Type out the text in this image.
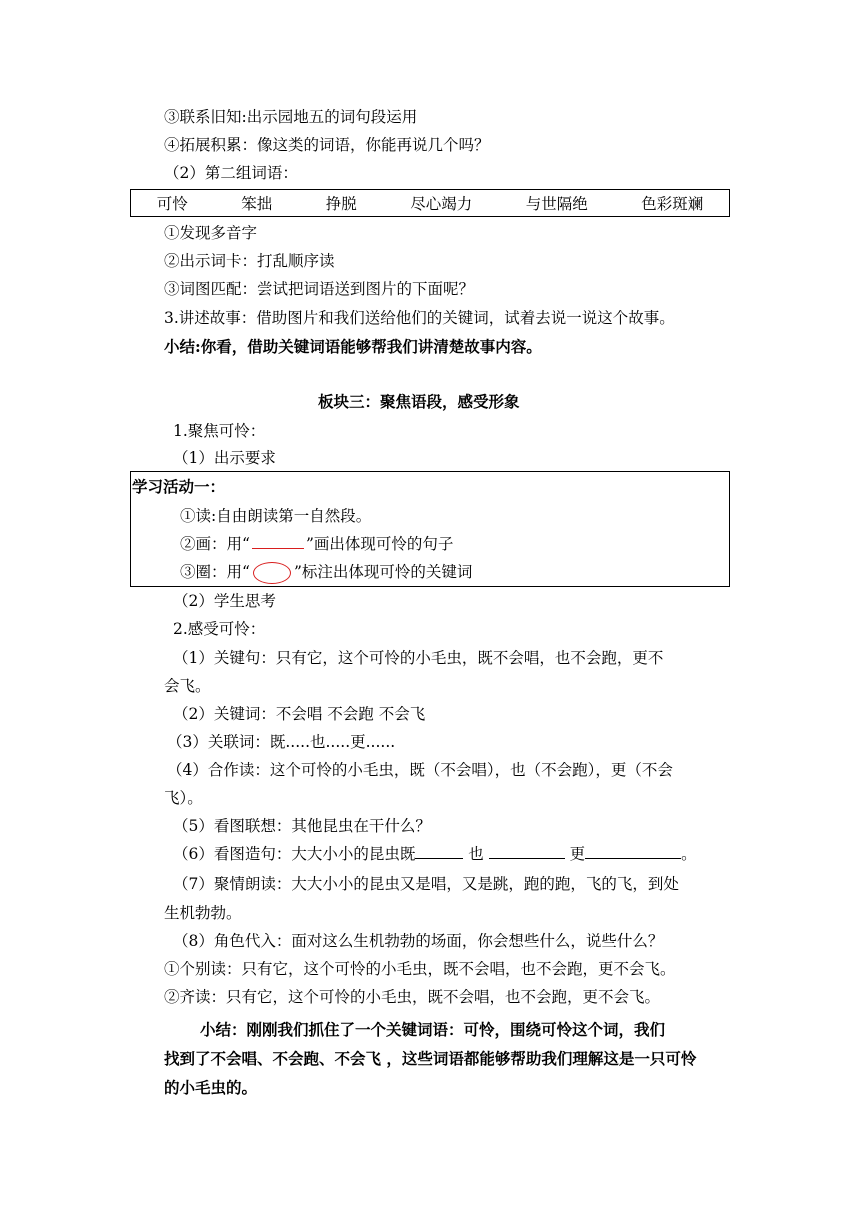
③联系旧知:出示园地五的词句段运用
④拓展积累：像这类的词语，你能再说几个吗？
（2）第二组词语：
可怜	笨拙	挣脱	尽心竭力	与世隔绝	色彩斑斓
①发现多音字
②出示词卡：打乱顺序读
③词图匹配：尝试把词语送到图片的下面呢？
3.讲述故事：借助图片和我们送给他们的关键词，试着去说一说这个故事。
小结:你看，借助关键词语能够帮我们讲清楚故事内容。
板块三：聚焦语段，感受形象
1.聚焦可怜：
（1）出示要求
学习活动一：
①读:自由朗读第一自然段。
②画：用“	”画出体现可怜的句子
③圈：用“	”标注出体现可怜的关键词
（2）学生思考
2.感受可怜：
（1）关键句：只有它，这个可怜的小毛虫，既不会唱，也不会跑，更不
会飞。
（2）关键词：不会唱 不会跑 不会飞
（3）关联词：既.....也.....更......
（4）合作读：这个可怜的小毛虫，既（不会唱），也（不会跑），更（不会
飞）。
（5）看图联想：其他昆虫在干什么？
（6）看图造句：大大小小的昆虫既	也	更	。
（7）聚情朗读：大大小小的昆虫又是唱，又是跳，跑的跑，飞的飞，到处
生机勃勃。
（8）角色代入：面对这么生机勃勃的场面，你会想些什么，说些什么？
①个别读：只有它，这个可怜的小毛虫，既不会唱，也不会跑，更不会飞。
②齐读：只有它，这个可怜的小毛虫，既不会唱，也不会跑，更不会飞。
小结：刚刚我们抓住了一个关键词语：可怜，围绕可怜这个词，我们
找到了不会唱、不会跑、不会飞 ，这些词语都能够帮助我们理解这是一只可怜
的小毛虫的。
